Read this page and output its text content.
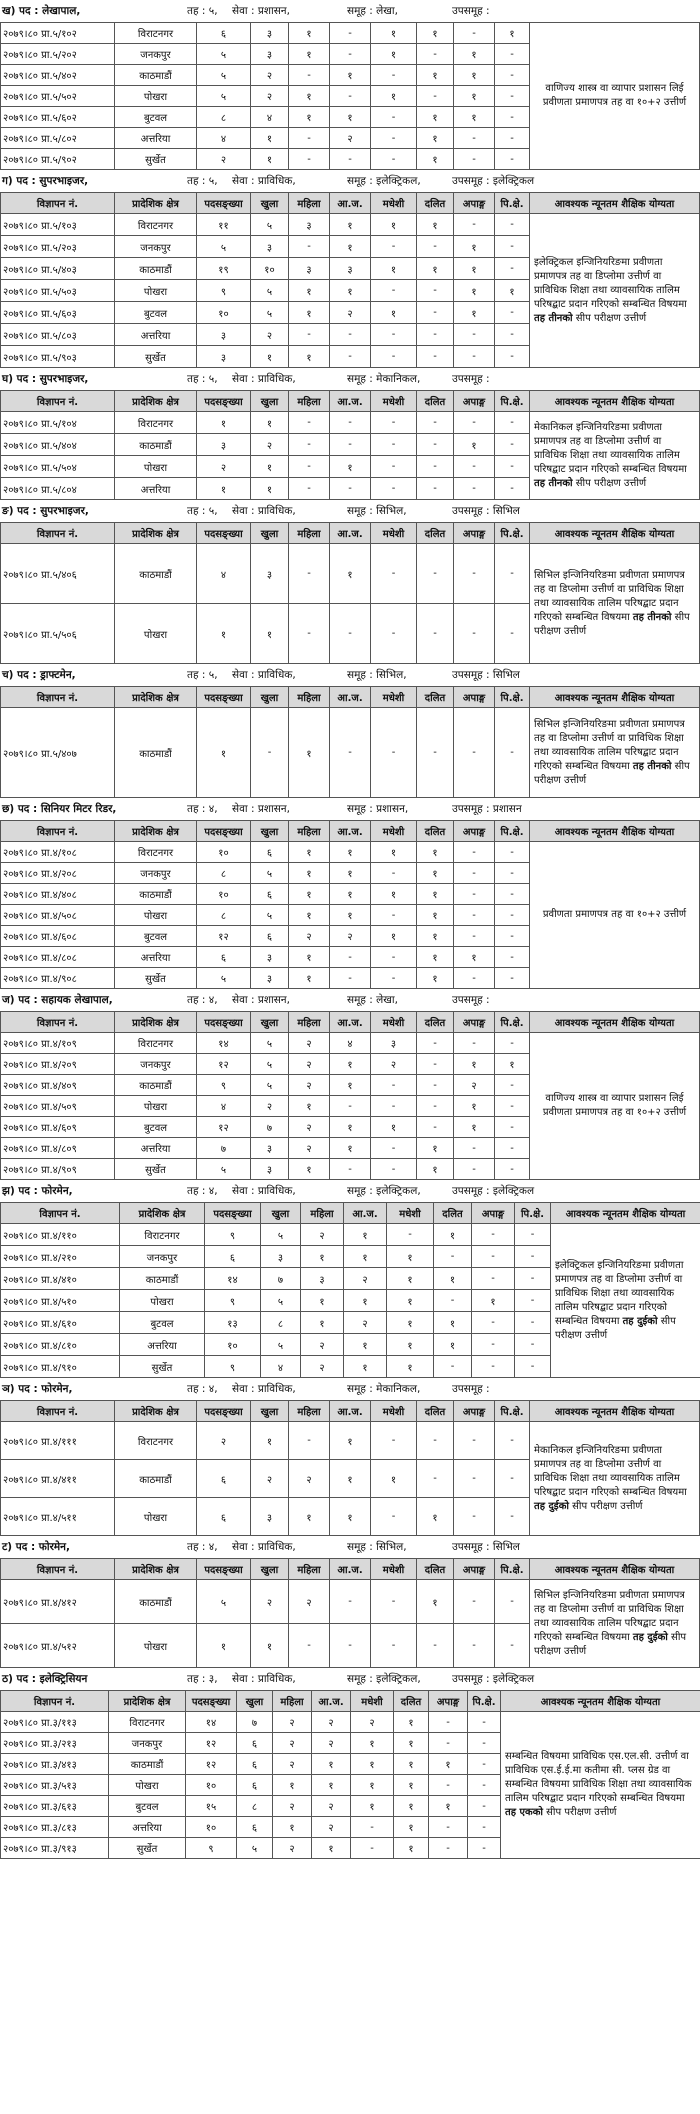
ख) पद : लेखापाल,	तह : ५, सेवा : प्रशासन,	समूह : लेखा,	उपसमूह :
२०७९।८० प्रा.५/१०२	विराटनगर	६	३	१	-	१	१	-	१	वाणिज्य शास्त्र वा व्यापार प्रशासन लिई प्रवीणता प्रमाणपत्र तह वा १०+२ उत्तीर्ण
२०७९।८० प्रा.५/२०२	जनकपुर	५	३	१	-	१	-	१	-	
२०७९।८० प्रा.५/४०२	काठमाडौं	५	२	-	१	-	१	१	-	
२०७९।८० प्रा.५/५०२	पोखरा	५	२	१	-	१	-	१	-	
२०७९।८० प्रा.५/६०२	बुटवल	८	४	१	१	-	१	१	-	
२०७९।८० प्रा.५/८०२	अत्तरिया	४	१	-	२	-	१	-	-	
२०७९।८० प्रा.५/९०२	सुर्खेत	२	१	-	-	-	१	-	-	
ग) पद : सुपरभाइजर,	तह : ५, सेवा : प्राविधिक,	समूह : इलेक्ट्रिकल,	उपसमूह : इलेक्ट्रिकल
विज्ञापन नं.	प्रादेशिक क्षेत्र	पदसङ्ख्या	खुला	महिला	आ.ज.	मधेशी	दलित	अपाङ्ग	पि.क्षे.	आवश्यक न्यूनतम शैक्षिक योग्यता
२०७९।८० प्रा.५/१०३	विराटनगर	११	५	३	१	१	१	-	-	इलेक्ट्रिकल इन्जिनियरिङमा प्रवीणता प्रमाणपत्र तह वा डिप्लोमा उत्तीर्ण वा प्राविधिक शिक्षा तथा व्यावसायिक तालिम परिषद्बाट प्रदान गरिएको सम्बन्धित विषयमा तह तीनको सीप परीक्षण उत्तीर्ण
२०७९।८० प्रा.५/२०३	जनकपुर	५	३	-	१	-	-	१	-	
२०७९।८० प्रा.५/४०३	काठमाडौं	१९	१०	३	३	१	१	१	-	
२०७९।८० प्रा.५/५०३	पोखरा	९	५	१	१	-	-	१	१	
२०७९।८० प्रा.५/६०३	बुटवल	१०	५	१	२	१	-	१	-	
२०७९।८० प्रा.५/८०३	अत्तरिया	३	२	-	-	-	-	-	-	
२०७९।८० प्रा.५/९०३	सुर्खेत	३	१	१	-	-	-	-	-	
घ) पद : सुपरभाइजर,	तह : ५, सेवा : प्राविधिक,	समूह : मेकानिकल,	उपसमूह :
विज्ञापन नं.	प्रादेशिक क्षेत्र	पदसङ्ख्या	खुला	महिला	आ.ज.	मधेशी	दलित	अपाङ्ग	पि.क्षे.	आवश्यक न्यूनतम शैक्षिक योग्यता
२०७९।८० प्रा.५/१०४	विराटनगर	१	१	-	-	-	-	-	-	मेकानिकल इन्जिनियरिङमा प्रवीणता प्रमाणपत्र तह वा डिप्लोमा उत्तीर्ण वा प्राविधिक शिक्षा तथा व्यावसायिक तालिम परिषद्बाट प्रदान गरिएको सम्बन्धित विषयमा तह तीनको सीप परीक्षण उत्तीर्ण
२०७९।८० प्रा.५/४०४	काठमाडौं	३	२	-	-	-	-	१	-	
२०७९।८० प्रा.५/५०४	पोखरा	२	१	-	१	-	-	-	-	
२०७९।८० प्रा.५/८०४	अत्तरिया	१	१	-	-	-	-	-	-	
ङ) पद : सुपरभाइजर,	तह : ५, सेवा : प्राविधिक,	समूह : सिभिल,	उपसमूह : सिभिल
विज्ञापन नं.	प्रादेशिक क्षेत्र	पदसङ्ख्या	खुला	महिला	आ.ज.	मधेशी	दलित	अपाङ्ग	पि.क्षे.	आवश्यक न्यूनतम शैक्षिक योग्यता
२०७९।८० प्रा.५/४०६	काठमाडौं	४	३	-	१	-	-	-	-	सिभिल इन्जिनियरिङमा प्रवीणता प्रमाणपत्र तह वा डिप्लोमा उत्तीर्ण वा प्राविधिक शिक्षा तथा व्यावसायिक तालिम परिषद्बाट प्रदान गरिएको सम्बन्धित विषयमा तह तीनको सीप परीक्षण उत्तीर्ण
२०७९।८० प्रा.५/५०६	पोखरा	१	१	-	-	-	-	-	-	
च) पद : ड्राफ्टमेन,	तह : ५, सेवा : प्राविधिक,	समूह : सिभिल,	उपसमूह : सिभिल
विज्ञापन नं.	प्रादेशिक क्षेत्र	पदसङ्ख्या	खुला	महिला	आ.ज.	मधेशी	दलित	अपाङ्ग	पि.क्षे.	आवश्यक न्यूनतम शैक्षिक योग्यता
२०७९।८० प्रा.५/४०७	काठमाडौं	१	-	१	-	-	-	-	-	सिभिल इन्जिनियरिङमा प्रवीणता प्रमाणपत्र तह वा डिप्लोमा उत्तीर्ण वा प्राविधिक शिक्षा तथा व्यावसायिक तालिम परिषद्बाट प्रदान गरिएको सम्बन्धित विषयमा तह तीनको सीप परीक्षण उत्तीर्ण
छ) पद : सिनियर मिटर रिडर,	तह : ४, सेवा : प्रशासन,	समूह : प्रशासन,	उपसमूह : प्रशासन
विज्ञापन नं.	प्रादेशिक क्षेत्र	पदसङ्ख्या	खुला	महिला	आ.ज.	मधेशी	दलित	अपाङ्ग	पि.क्षे.	आवश्यक न्यूनतम शैक्षिक योग्यता
२०७९।८० प्रा.४/१०८	विराटनगर	१०	६	१	१	१	१	-	-	प्रवीणता प्रमाणपत्र तह वा १०+२ उत्तीर्ण
२०७९।८० प्रा.४/२०८	जनकपुर	८	५	१	१	-	१	-	-	
२०७९।८० प्रा.४/४०८	काठमाडौं	१०	६	१	१	१	१	-	-	
२०७९।८० प्रा.४/५०८	पोखरा	८	५	१	१	-	१	-	-	
२०७९।८० प्रा.४/६०८	बुटवल	१२	६	२	२	१	१	-	-	
२०७९।८० प्रा.४/८०८	अत्तरिया	६	३	१	-	-	१	१	-	
२०७९।८० प्रा.४/९०८	सुर्खेत	५	३	१	-	-	१	-	-	
ज) पद : सहायक लेखापाल,	तह : ४, सेवा : प्रशासन,	समूह : लेखा,	उपसमूह :
विज्ञापन नं.	प्रादेशिक क्षेत्र	पदसङ्ख्या	खुला	महिला	आ.ज.	मधेशी	दलित	अपाङ्ग	पि.क्षे.	आवश्यक न्यूनतम शैक्षिक योग्यता
२०७९।८० प्रा.४/१०९	विराटनगर	१४	५	२	४	३	-	-	-	वाणिज्य शास्त्र वा व्यापार प्रशासन लिई प्रवीणता प्रमाणपत्र तह वा १०+२ उत्तीर्ण
२०७९।८० प्रा.४/२०९	जनकपुर	१२	५	२	१	२	-	१	१	
२०७९।८० प्रा.४/४०९	काठमाडौं	९	५	२	१	-	-	२	-	
२०७९।८० प्रा.४/५०९	पोखरा	४	२	१	-	-	-	१	-	
२०७९।८० प्रा.४/६०९	बुटवल	१२	७	२	१	१	-	१	-	
२०७९।८० प्रा.४/८०९	अत्तरिया	७	३	२	१	-	१	-	-	
२०७९।८० प्रा.४/९०९	सुर्खेत	५	३	१	-	-	१	-	-	
झ) पद : फोरमेन,	तह : ४, सेवा : प्राविधिक,	समूह : इलेक्ट्रिकल,	उपसमूह : इलेक्ट्रिकल
विज्ञापन नं.	प्रादेशिक क्षेत्र	पदसङ्ख्या	खुला	महिला	आ.ज.	मधेशी	दलित	अपाङ्ग	पि.क्षे.	आवश्यक न्यूनतम शैक्षिक योग्यता
२०७९।८० प्रा.४/११०	विराटनगर	९	५	२	१	-	१	-	-	इलेक्ट्रिकल इन्जिनियरिङमा प्रवीणता प्रमाणपत्र तह वा डिप्लोमा उत्तीर्ण वा प्राविधिक शिक्षा तथा व्यावसायिक तालिम परिषद्बाट प्रदान गरिएको सम्बन्धित विषयमा तह दुईको सीप परीक्षण उत्तीर्ण
२०७९।८० प्रा.४/२१०	जनकपुर	६	३	१	१	१	-	-	-	
२०७९।८० प्रा.४/४१०	काठमाडौं	१४	७	३	२	१	१	-	-	
२०७९।८० प्रा.४/५१०	पोखरा	९	५	१	१	१	-	१	-	
२०७९।८० प्रा.४/६१०	बुटवल	१३	८	१	२	१	१	-	-	
२०७९।८० प्रा.४/८१०	अत्तरिया	१०	५	२	१	१	१	-	-	
२०७९।८० प्रा.४/९१०	सुर्खेत	९	४	२	१	१	-	-	-	
ञ) पद : फोरमेन,	तह : ४, सेवा : प्राविधिक,	समूह : मेकानिकल,	उपसमूह :
विज्ञापन नं.	प्रादेशिक क्षेत्र	पदसङ्ख्या	खुला	महिला	आ.ज.	मधेशी	दलित	अपाङ्ग	पि.क्षे.	आवश्यक न्यूनतम शैक्षिक योग्यता
२०७९।८० प्रा.४/१११	विराटनगर	२	१	-	१	-	-	-	-	मेकानिकल इन्जिनियरिङमा प्रवीणता प्रमाणपत्र तह वा डिप्लोमा उत्तीर्ण वा प्राविधिक शिक्षा तथा व्यावसायिक तालिम परिषद्बाट प्रदान गरिएको सम्बन्धित विषयमा तह दुईको सीप परीक्षण उत्तीर्ण
२०७९।८० प्रा.४/४११	काठमाडौं	६	२	२	१	१	-	-	-	
२०७९।८० प्रा.४/५११	पोखरा	६	३	१	१	-	१	-	-	
ट) पद : फोरमेन,	तह : ४, सेवा : प्राविधिक,	समूह : सिभिल,	उपसमूह : सिभिल
विज्ञापन नं.	प्रादेशिक क्षेत्र	पदसङ्ख्या	खुला	महिला	आ.ज.	मधेशी	दलित	अपाङ्ग	पि.क्षे.	आवश्यक न्यूनतम शैक्षिक योग्यता
२०७९।८० प्रा.४/४१२	काठमाडौं	५	२	२	-	-	१	-	-	सिभिल इन्जिनियरिङमा प्रवीणता प्रमाणपत्र तह वा डिप्लोमा उत्तीर्ण वा प्राविधिक शिक्षा तथा व्यावसायिक तालिम परिषद्बाट प्रदान गरिएको सम्बन्धित विषयमा तह दुईको सीप परीक्षण उत्तीर्ण
२०७९।८० प्रा.४/५१२	पोखरा	१	१	-	-	-	-	-	-	
ठ) पद : इलेक्ट्रिसियन	तह : ३, सेवा : प्राविधिक,	समूह : इलेक्ट्रिकल,	उपसमूह : इलेक्ट्रिकल
विज्ञापन नं.	प्रादेशिक क्षेत्र	पदसङ्ख्या	खुला	महिला	आ.ज.	मधेशी	दलित	अपाङ्ग	पि.क्षे.	आवश्यक न्यूनतम शैक्षिक योग्यता
२०७९।८० प्रा.३/११३	विराटनगर	१४	७	२	२	२	१	-	-	सम्बन्धित विषयमा प्राविधिक एस.एल.सी. उत्तीर्ण वा प्राविधिक एस.ई.ई.मा कतीमा सी. प्लस ग्रेड वा सम्बन्धित विषयमा प्राविधिक शिक्षा तथा व्यावसायिक तालिम परिषद्बाट प्रदान गरिएको सम्बन्धित विषयमा तह एकको सीप परीक्षण उत्तीर्ण
२०७९।८० प्रा.३/२१३	जनकपुर	१२	६	२	२	१	१	-	-	
२०७९।८० प्रा.३/४१३	काठमाडौं	१२	६	२	१	१	१	१	-	
२०७९।८० प्रा.३/५१३	पोखरा	१०	६	१	१	१	१	-	-	
२०७९।८० प्रा.३/६१३	बुटवल	१५	८	२	२	१	१	१	-	
२०७९।८० प्रा.३/८१३	अत्तरिया	१०	६	१	२	-	१	-	-	
२०७९।८० प्रा.३/९१३	सुर्खेत	९	५	२	१	-	१	-	-	
